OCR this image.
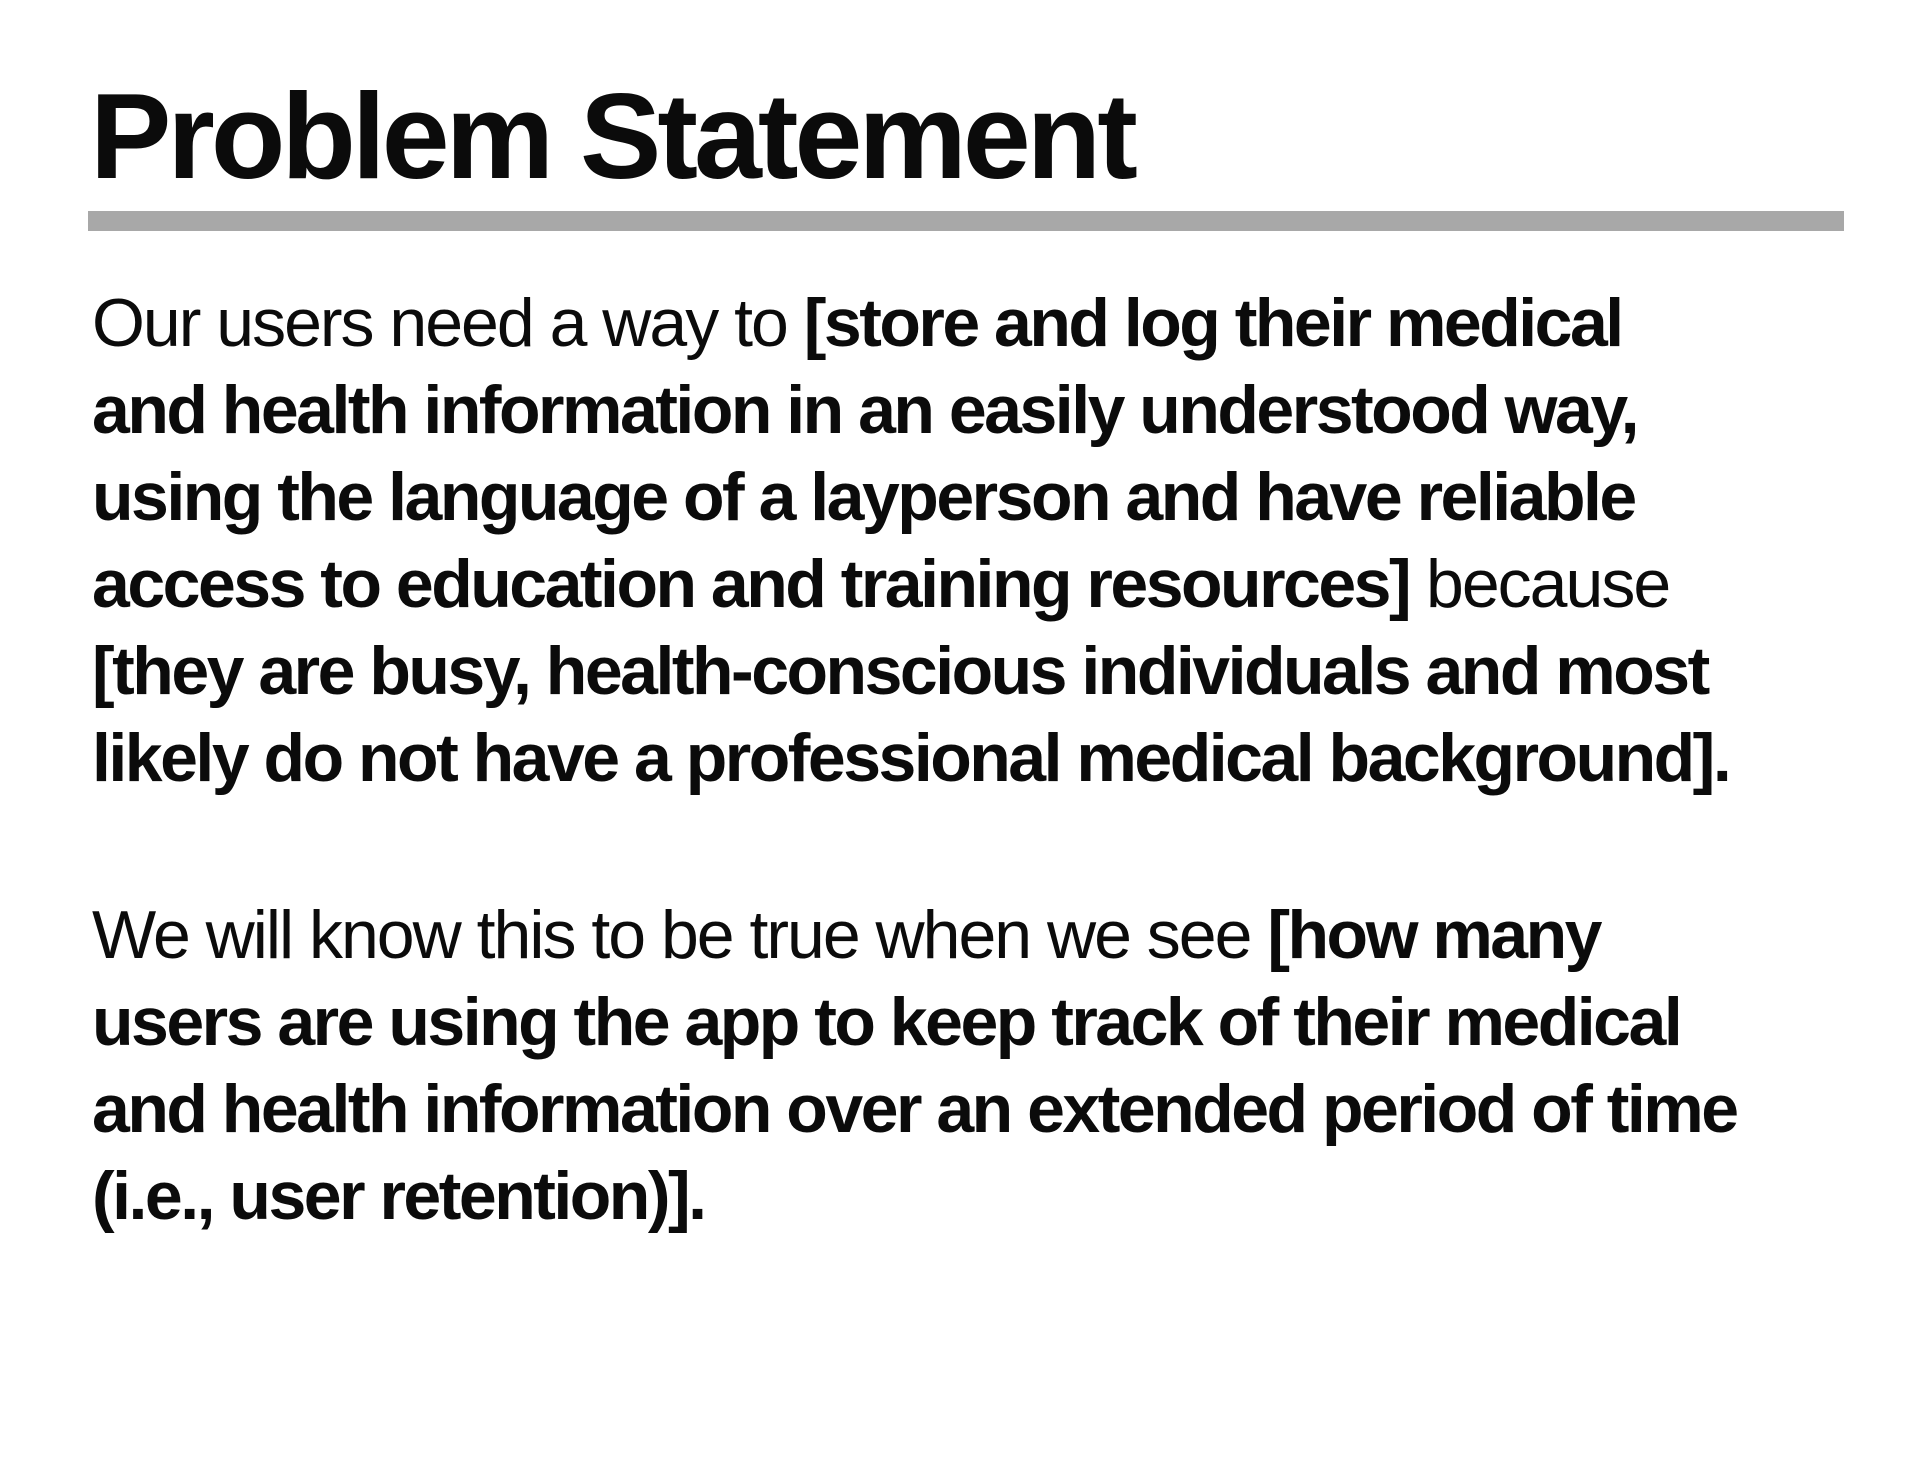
Problem Statement

Our users need a way to [store and log their medical
and health information in an easily understood way,
using the language of a layperson and have reliable
access to education and training resources] because
[they are busy, health-conscious individuals and most
likely do not have a professional medical background].

We will know this to be true when we see [how many
users are using the app to keep track of their medical
and health information over an extended period of time
(i.e., user retention)].
